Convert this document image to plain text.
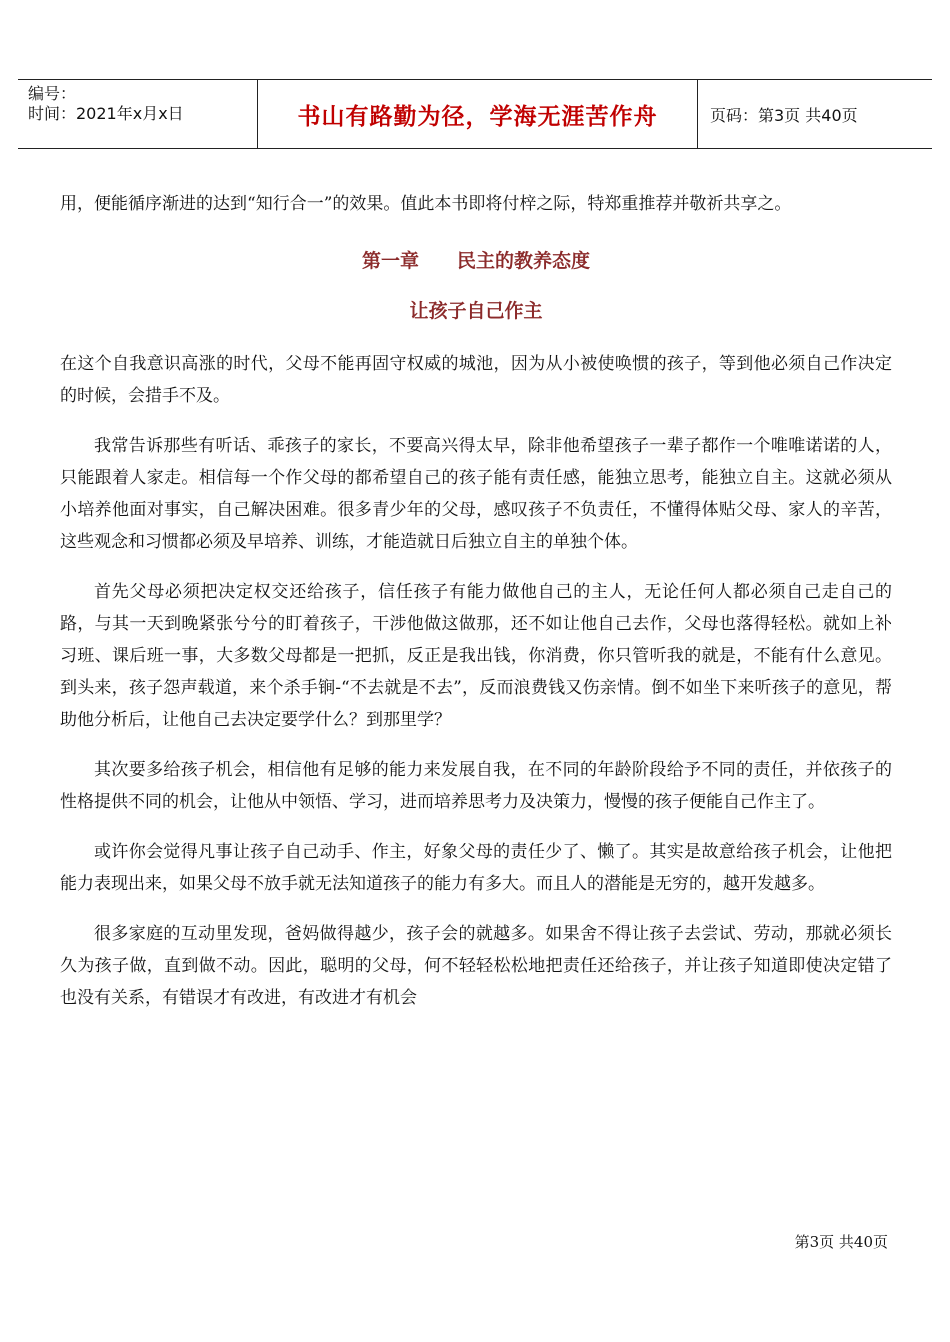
编号：
时间：2021年x月x日	书山有路勤为径，学海无涯苦作舟	页码：第3页 共40页

用，便能循序渐进的达到“知行合一”的效果。值此本书即将付梓之际，特郑重推荐并敬祈共享之。

第一章　　民主的教养态度
让孩子自己作主

在这个自我意识高涨的时代，父母不能再固守权威的城池，因为从小被使唤惯的孩子，等到他必须自己作决定的时候，会措手不及。

我常告诉那些有听话、乖孩子的家长，不要高兴得太早，除非他希望孩子一辈子都作一个唯唯诺诺的人，只能跟着人家走。相信每一个作父母的都希望自己的孩子能有责任感，能独立思考，能独立自主。这就必须从小培养他面对事实，自己解决困难。很多青少年的父母，感叹孩子不负责任，不懂得体贴父母、家人的辛苦，这些观念和习惯都必须及早培养、训练，才能造就日后独立自主的单独个体。

首先父母必须把决定权交还给孩子，信任孩子有能力做他自己的主人，无论任何人都必须自己走自己的路，与其一天到晚紧张兮兮的盯着孩子，干涉他做这做那，还不如让他自己去作，父母也落得轻松。就如上补习班、课后班一事，大多数父母都是一把抓，反正是我出钱，你消费，你只管听我的就是，不能有什么意见。到头来，孩子怨声载道，来个杀手锏-“不去就是不去”，反而浪费钱又伤亲情。倒不如坐下来听孩子的意见，帮助他分析后，让他自己去决定要学什么？到那里学？

其次要多给孩子机会，相信他有足够的能力来发展自我，在不同的年龄阶段给予不同的责任，并依孩子的性格提供不同的机会，让他从中领悟、学习，进而培养思考力及决策力，慢慢的孩子便能自己作主了。

或许你会觉得凡事让孩子自己动手、作主，好象父母的责任少了、懒了。其实是故意给孩子机会，让他把能力表现出来，如果父母不放手就无法知道孩子的能力有多大。而且人的潜能是无穷的，越开发越多。

很多家庭的互动里发现，爸妈做得越少，孩子会的就越多。如果舍不得让孩子去尝试、劳动，那就必须长久为孩子做，直到做不动。因此，聪明的父母，何不轻轻松松地把责任还给孩子，并让孩子知道即使决定错了也没有关系，有错误才有改进，有改进才有机会

第3页 共40页
